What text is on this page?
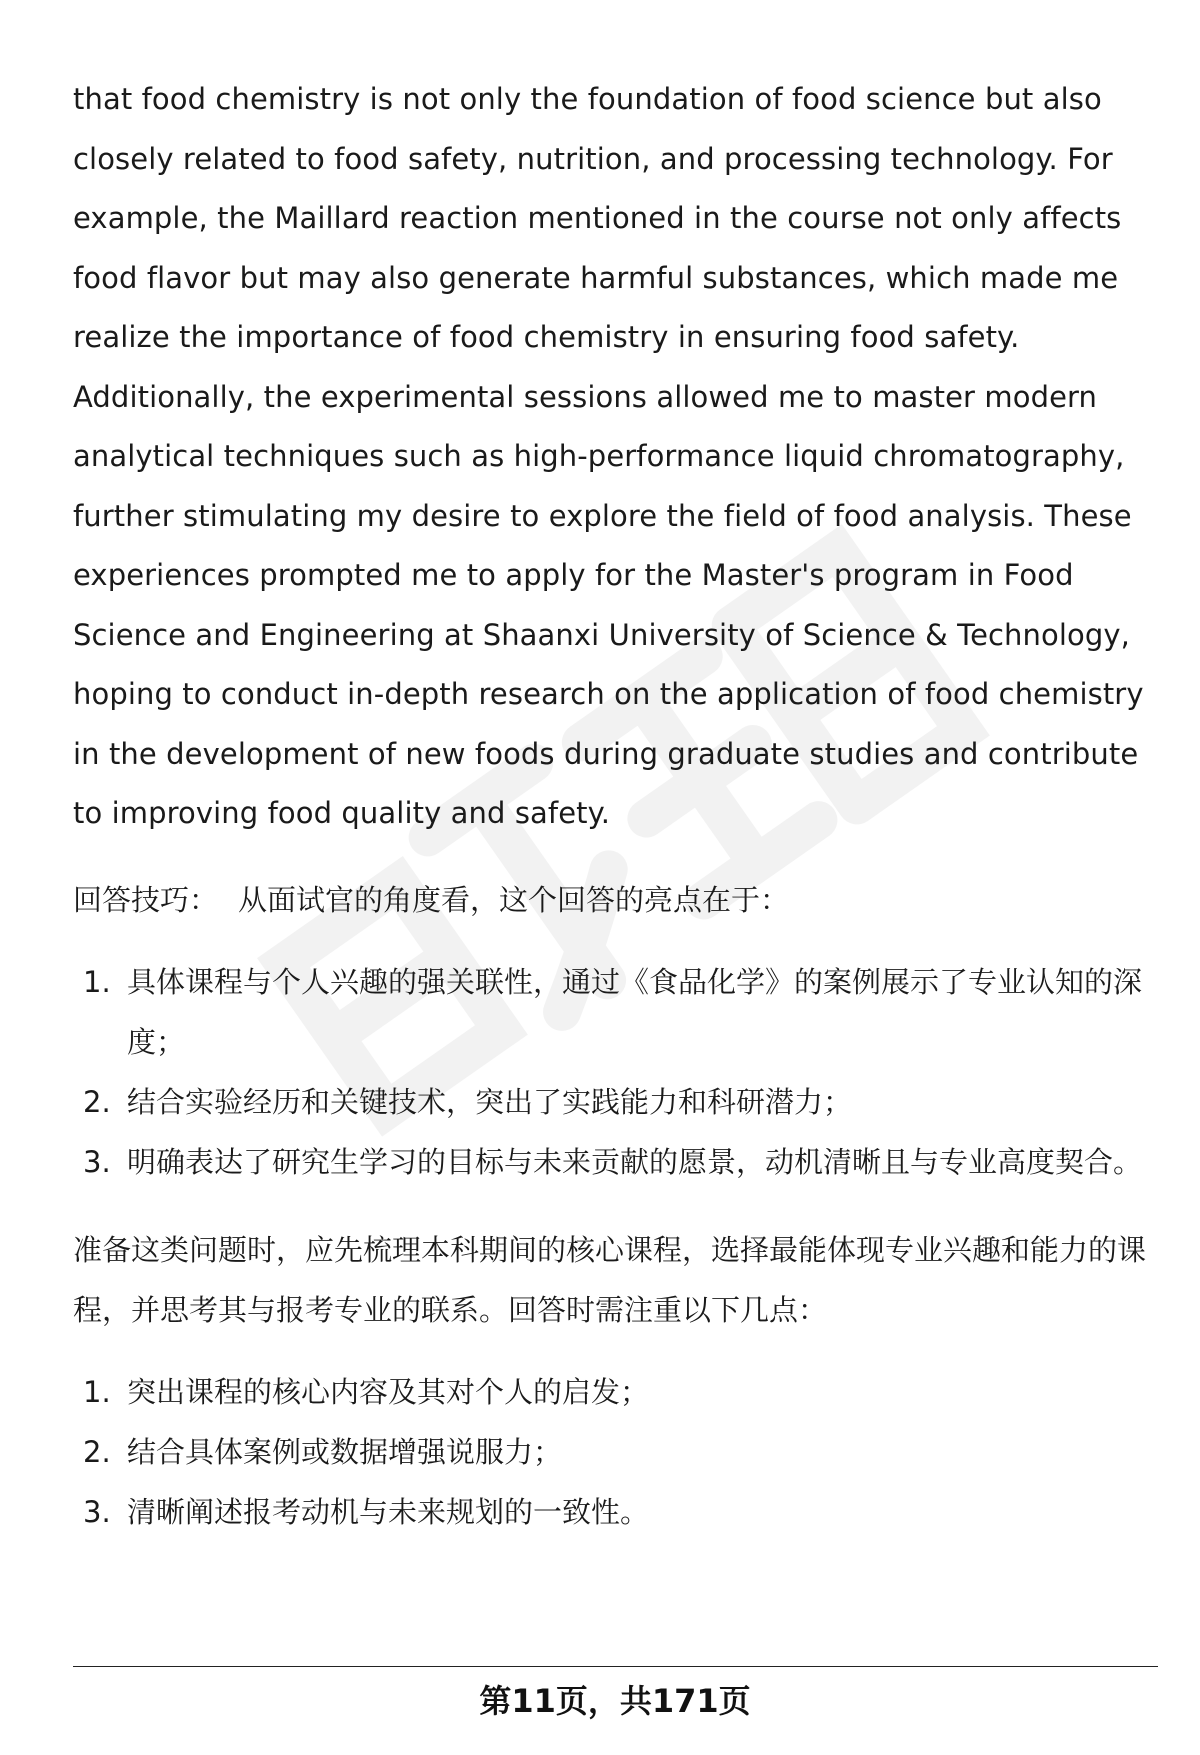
that food chemistry is not only the foundation of food science but also closely related to food safety, nutrition, and processing technology. For example, the Maillard reaction mentioned in the course not only affects food flavor but may also generate harmful substances, which made me realize the importance of food chemistry in ensuring food safety. Additionally, the experimental sessions allowed me to master modern analytical techniques such as high-performance liquid chromatography, further stimulating my desire to explore the field of food analysis. These experiences prompted me to apply for the Master's program in Food Science and Engineering at Shaanxi University of Science & Technology, hoping to conduct in-depth research on the application of food chemistry in the development of new foods during graduate studies and contribute to improving food quality and safety.

回答技巧： 从面试官的角度看，这个回答的亮点在于：

1. 具体课程与个人兴趣的强关联性，通过《食品化学》的案例展示了专业认知的深度；
2. 结合实验经历和关键技术，突出了实践能力和科研潜力；
3. 明确表达了研究生学习的目标与未来贡献的愿景，动机清晰且与专业高度契合。

准备这类问题时，应先梳理本科期间的核心课程，选择最能体现专业兴趣和能力的课程，并思考其与报考专业的联系。回答时需注重以下几点：

1. 突出课程的核心内容及其对个人的启发；
2. 结合具体案例或数据增强说服力；
3. 清晰阐述报考动机与未来规划的一致性。
第11页，共171页
